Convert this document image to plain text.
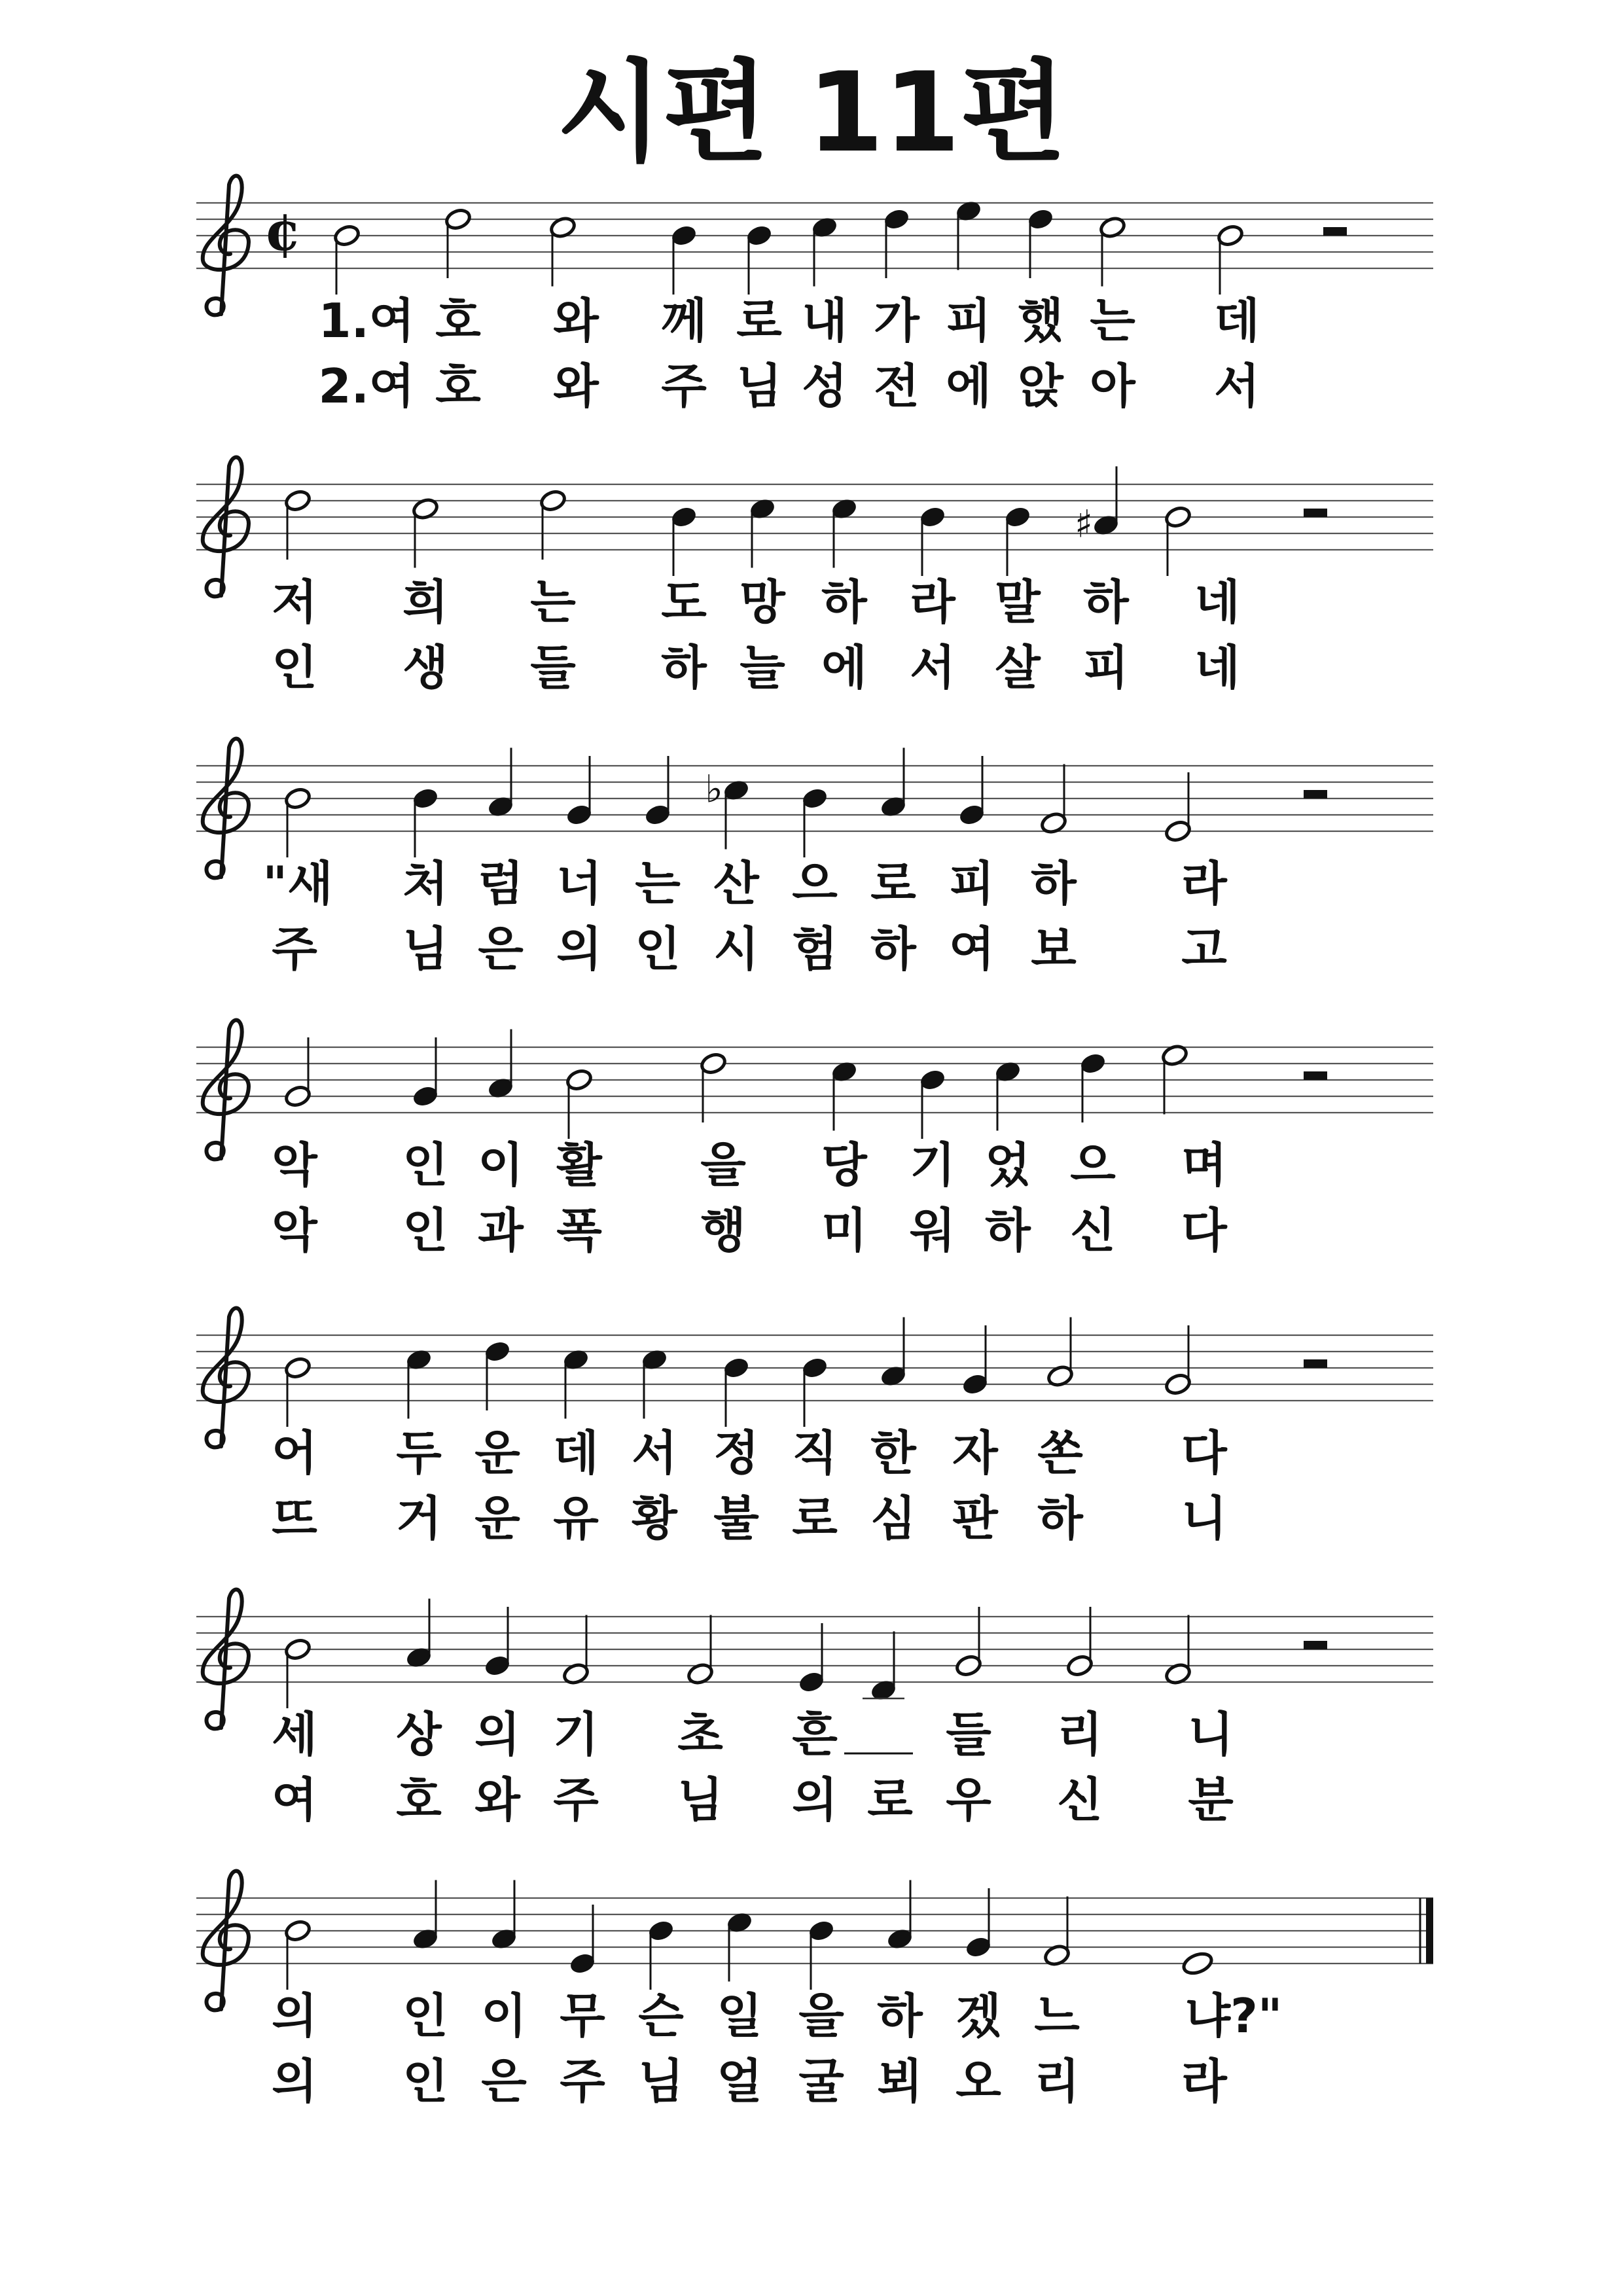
시편 11편
¢
1.여 호 와 께 로 내 가 피 했 는 데
2.여 호 와 주 님 성 전 에 앉 아 서
♯
저 희 는 도 망 하 라 말 하 네
인 생 들 하 늘 에 서 살 피 네
♭
"새 처 럼 너 는 산 으 로 피 하 라
주 님 은 의 인 시 험 하 여 보 고
악 인 이 활 을 당 기 었 으 며
악 인 과 폭 행 미 워 하 신 다
어 두 운 데 서 정 직 한 자 쏜 다
뜨 거 운 유 황 불 로 심 판 하 니
세 상 의 기 초 흔 들 리 니
여 호 와 주 님 의 로 우 신 분
의 인 이 무 슨 일 을 하 겠 느 냐?"
의 인 은 주 님 얼 굴 뵈 오 리 라
